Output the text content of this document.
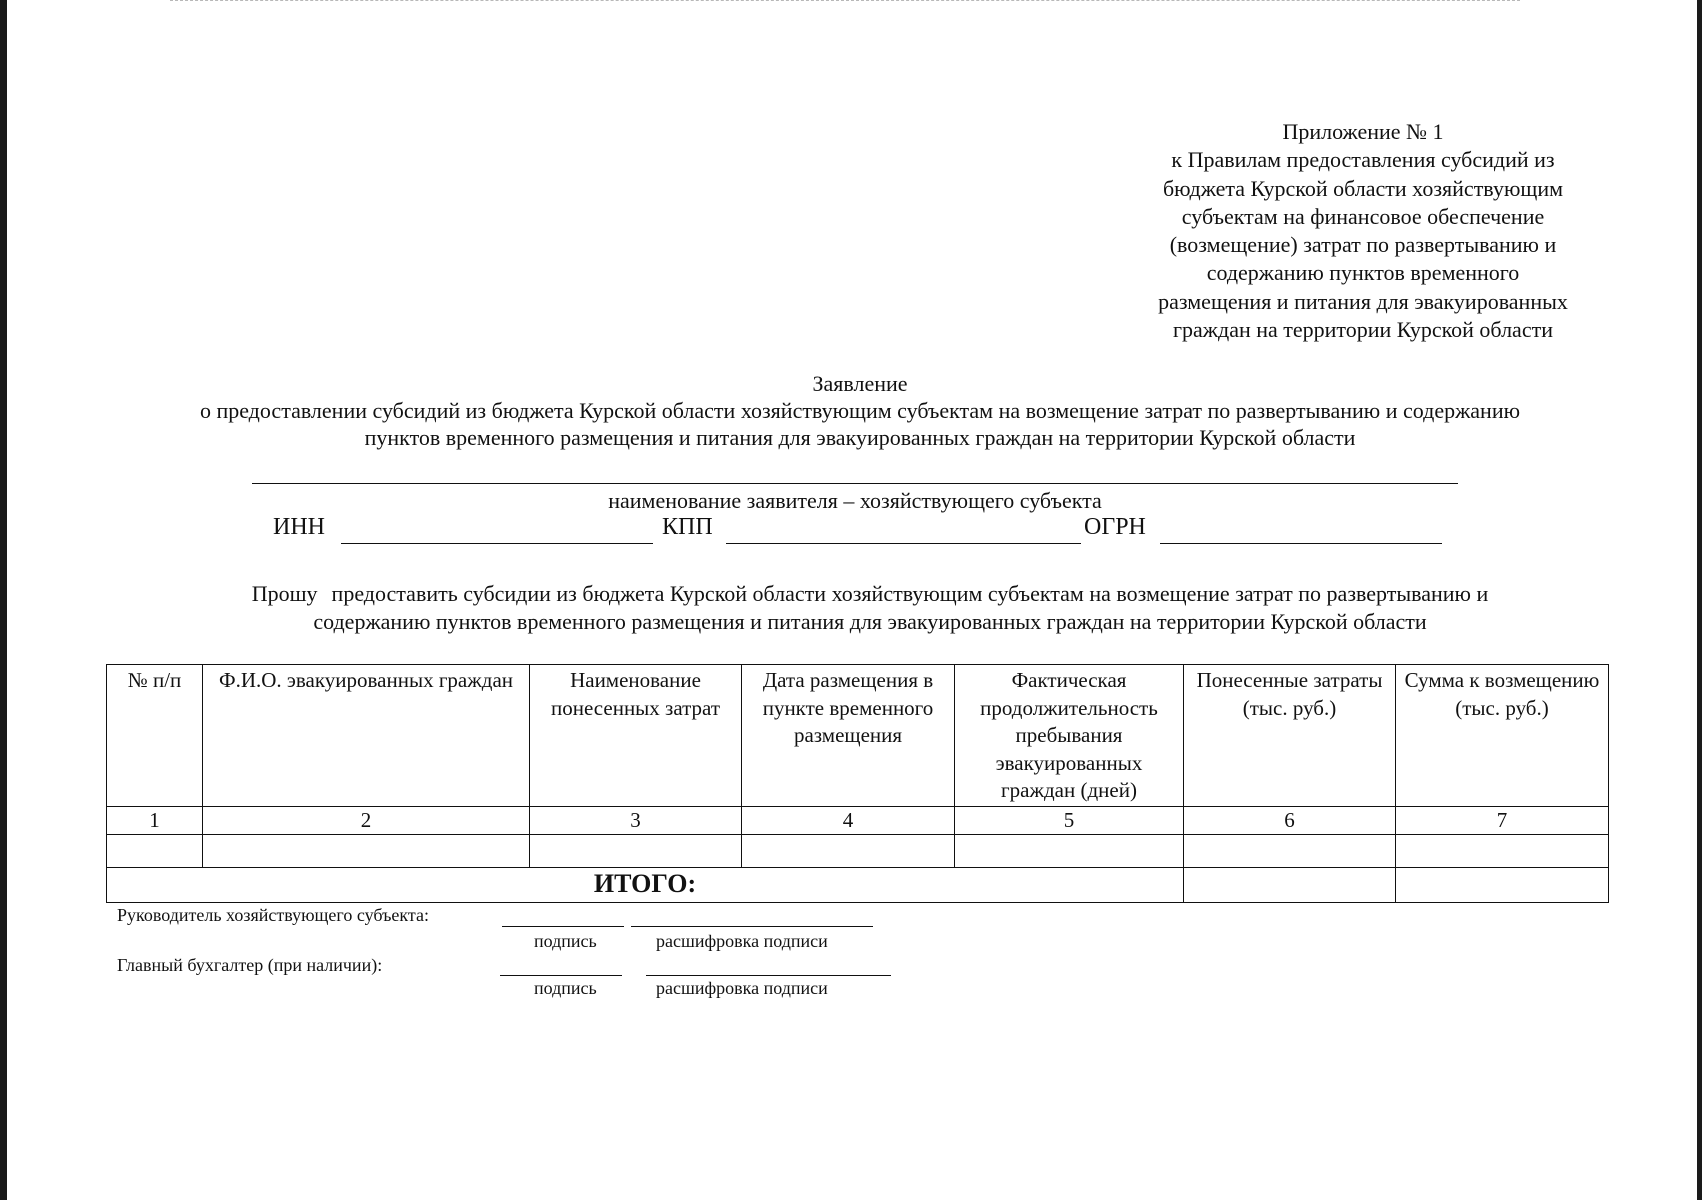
Приложение № 1
к Правилам предоставления субсидий из
бюджета Курской области хозяйствующим
субъектам на финансовое обеспечение
(возмещение) затрат по развертыванию и
содержанию пунктов временного
размещения и питания для эвакуированных
граждан на территории Курской области
Заявление
о предоставлении субсидий из бюджета Курской области хозяйствующим субъектам на возмещение затрат по развертыванию и содержанию
пунктов временного размещения и питания для эвакуированных граждан на территории Курской области
наименование заявителя – хозяйствующего субъекта
ИНН	КПП	ОГРН
Прошу предоставить субсидии из бюджета Курской области хозяйствующим субъектам на возмещение затрат по развертыванию и
содержанию пунктов временного размещения и питания для эвакуированных граждан на территории Курской области
№ п/п	Ф.И.О. эвакуированных граждан	Наименование понесенных затрат	Дата размещения в пункте временного размещения	Фактическая продолжительность пребывания эвакуированных граждан (дней)	Понесенные затраты (тыс. руб.)	Сумма к возмещению (тыс. руб.)
1	2	3	4	5	6	7

ИТОГО:						
Руководитель хозяйствующего субъекта:
подпись	расшифровка подписи
Главный бухгалтер (при наличии):
подпись	расшифровка подписи
